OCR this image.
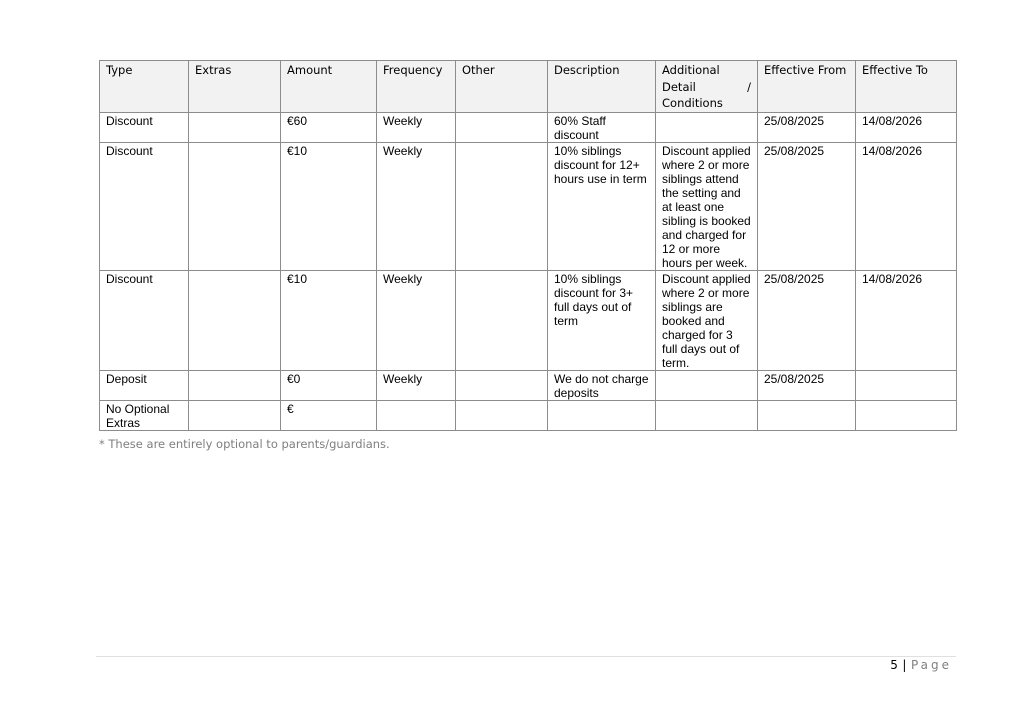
Type	Extras	Amount	Frequency	Other	Description	Additional
Detail /
Conditions	Effective From	Effective To
Discount		€60	Weekly		60% Staff discount		25/08/2025	14/08/2026
Discount		€10	Weekly		10% siblings discount for 12+ hours use in term	Discount applied where 2 or more siblings attend the setting and at least one sibling is booked and charged for 12 or more hours per week.	25/08/2025	14/08/2026
Discount		€10	Weekly		10% siblings discount for 3+ full days out of term	Discount applied where 2 or more siblings are booked and charged for 3 full days out of term.	25/08/2025	14/08/2026
Deposit		€0	Weekly		We do not charge deposits		25/08/2025	
No Optional Extras		€						
* These are entirely optional to parents/guardians.
5 | Page
